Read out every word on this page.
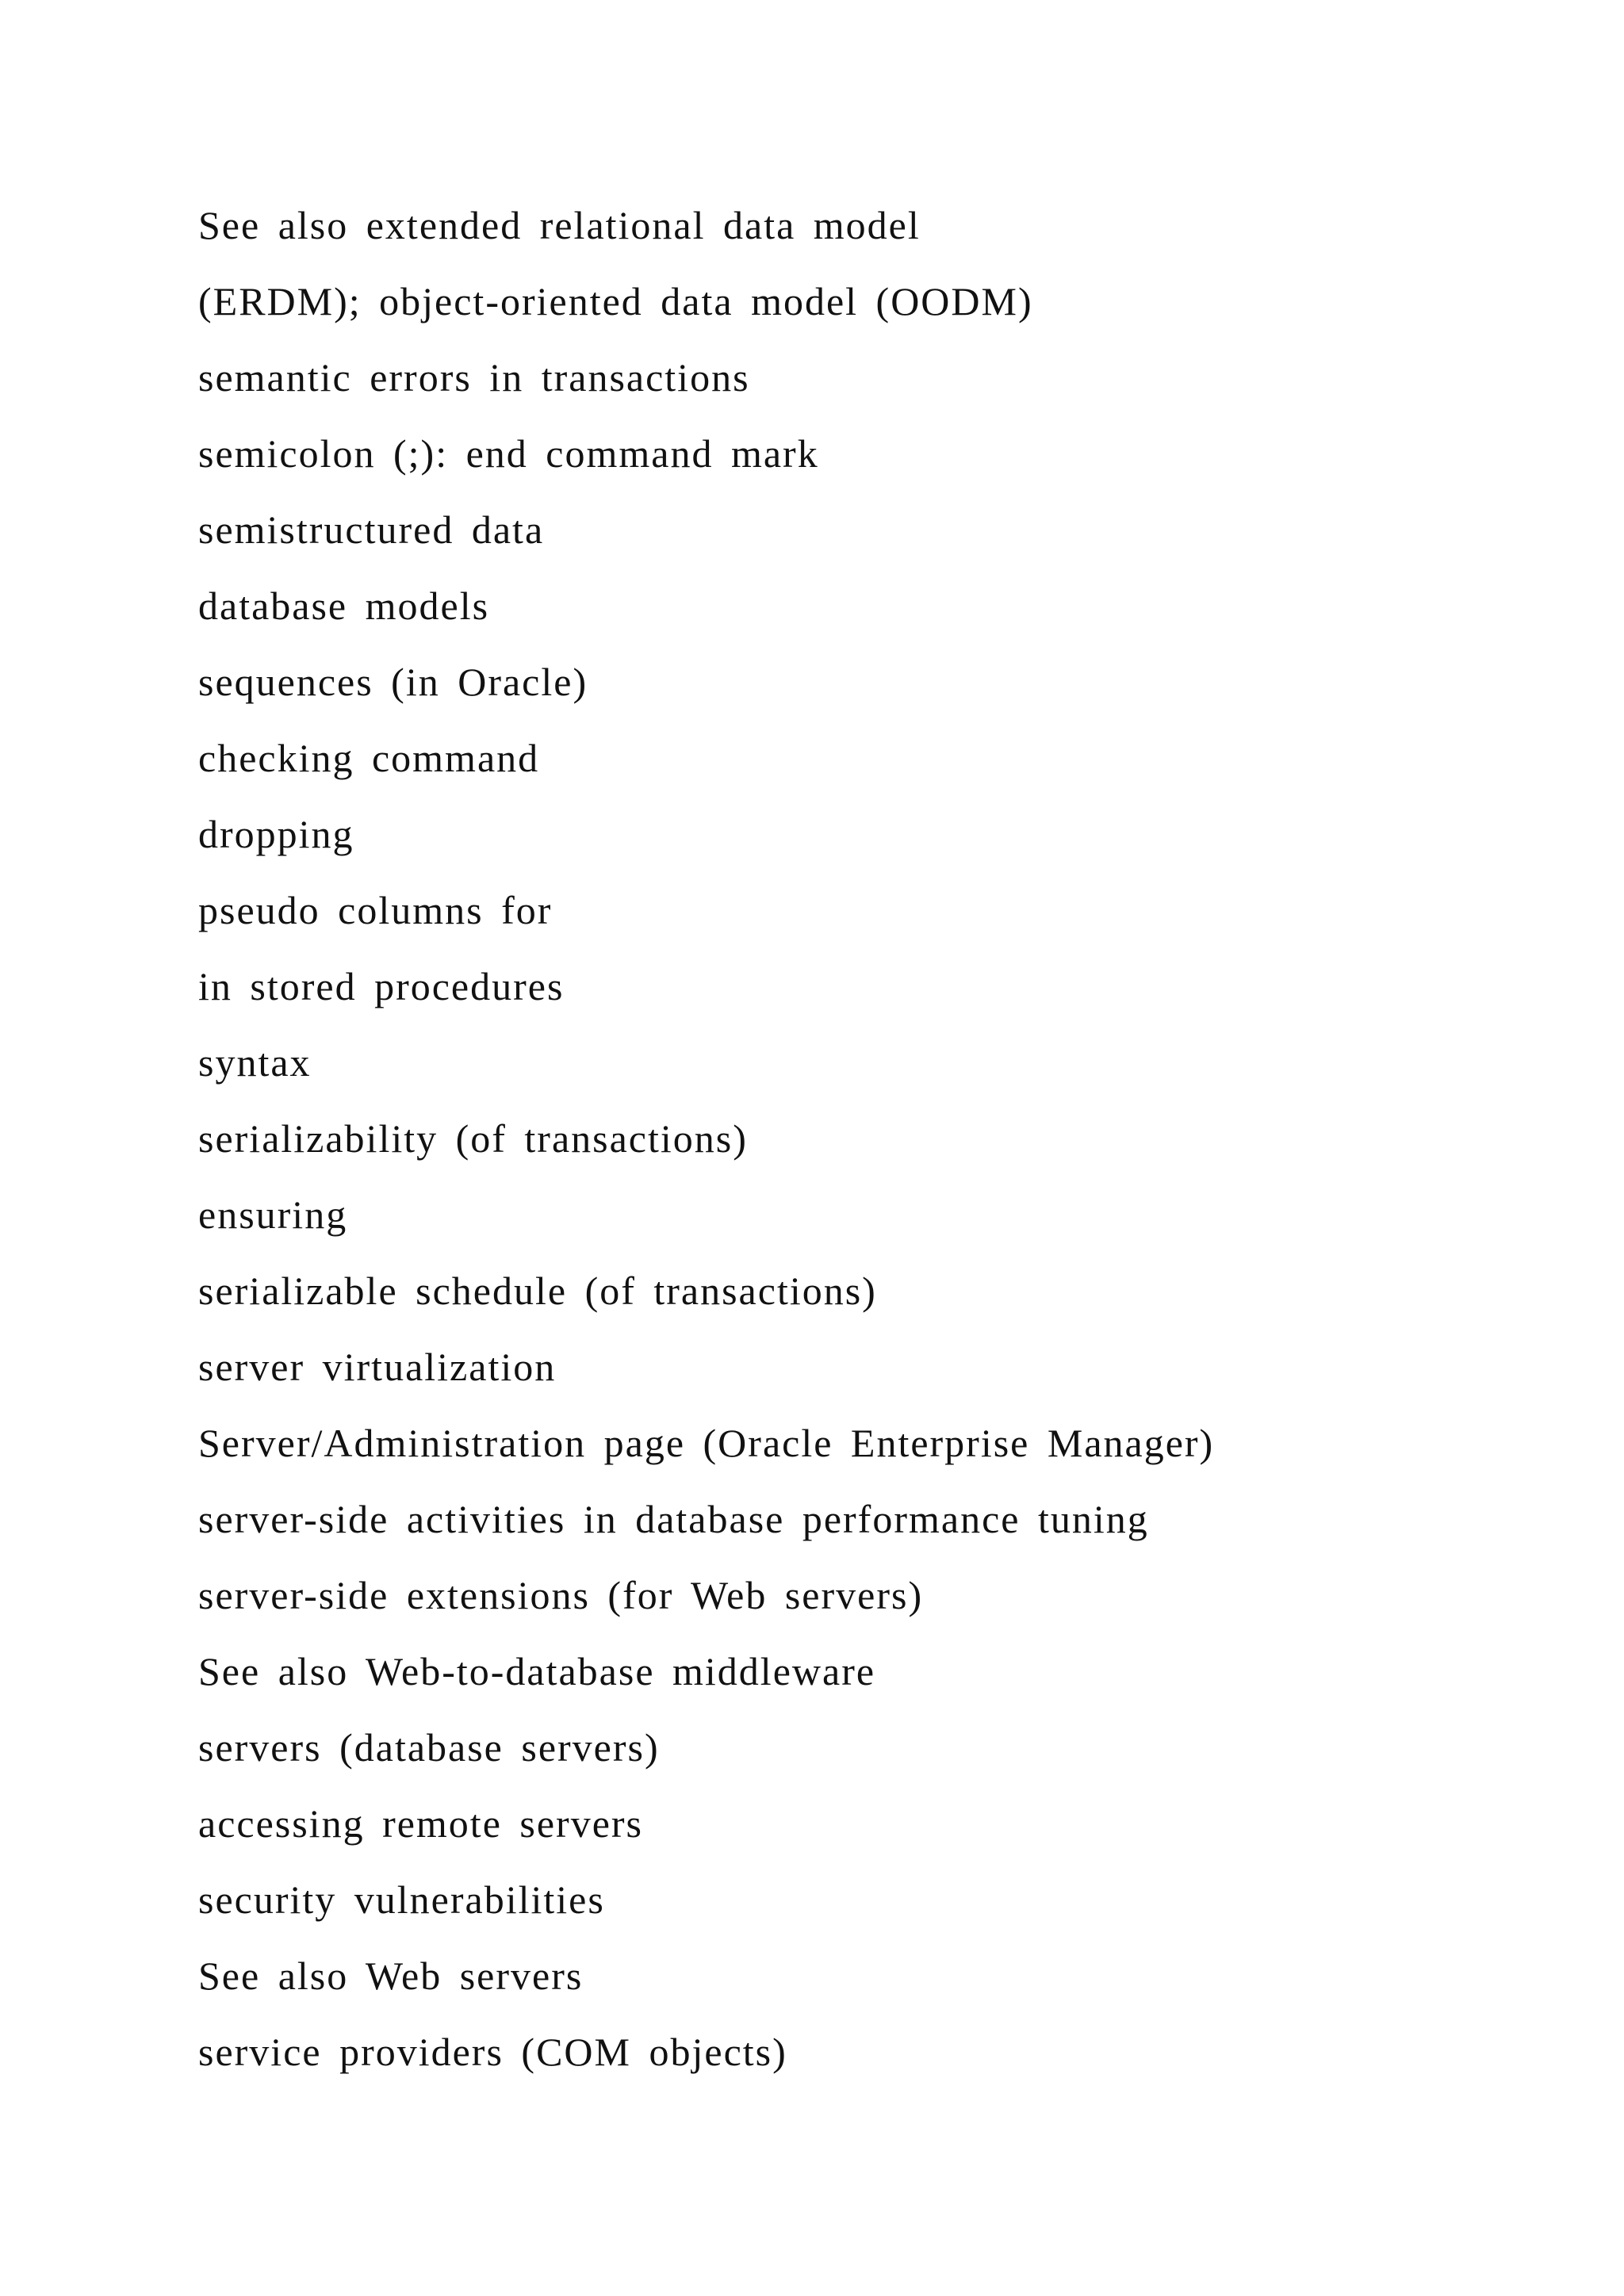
See also extended relational data model
(ERDM); object-oriented data model (OODM)
semantic errors in transactions
semicolon (;): end command mark
semistructured data
database models
sequences (in Oracle)
checking command
dropping
pseudo columns for
in stored procedures
syntax
serializability (of transactions)
ensuring
serializable schedule (of transactions)
server virtualization
Server/Administration page (Oracle Enterprise Manager)
server-side activities in database performance tuning
server-side extensions (for Web servers)
See also Web-to-database middleware
servers (database servers)
accessing remote servers
security vulnerabilities
See also Web servers
service providers (COM objects)
